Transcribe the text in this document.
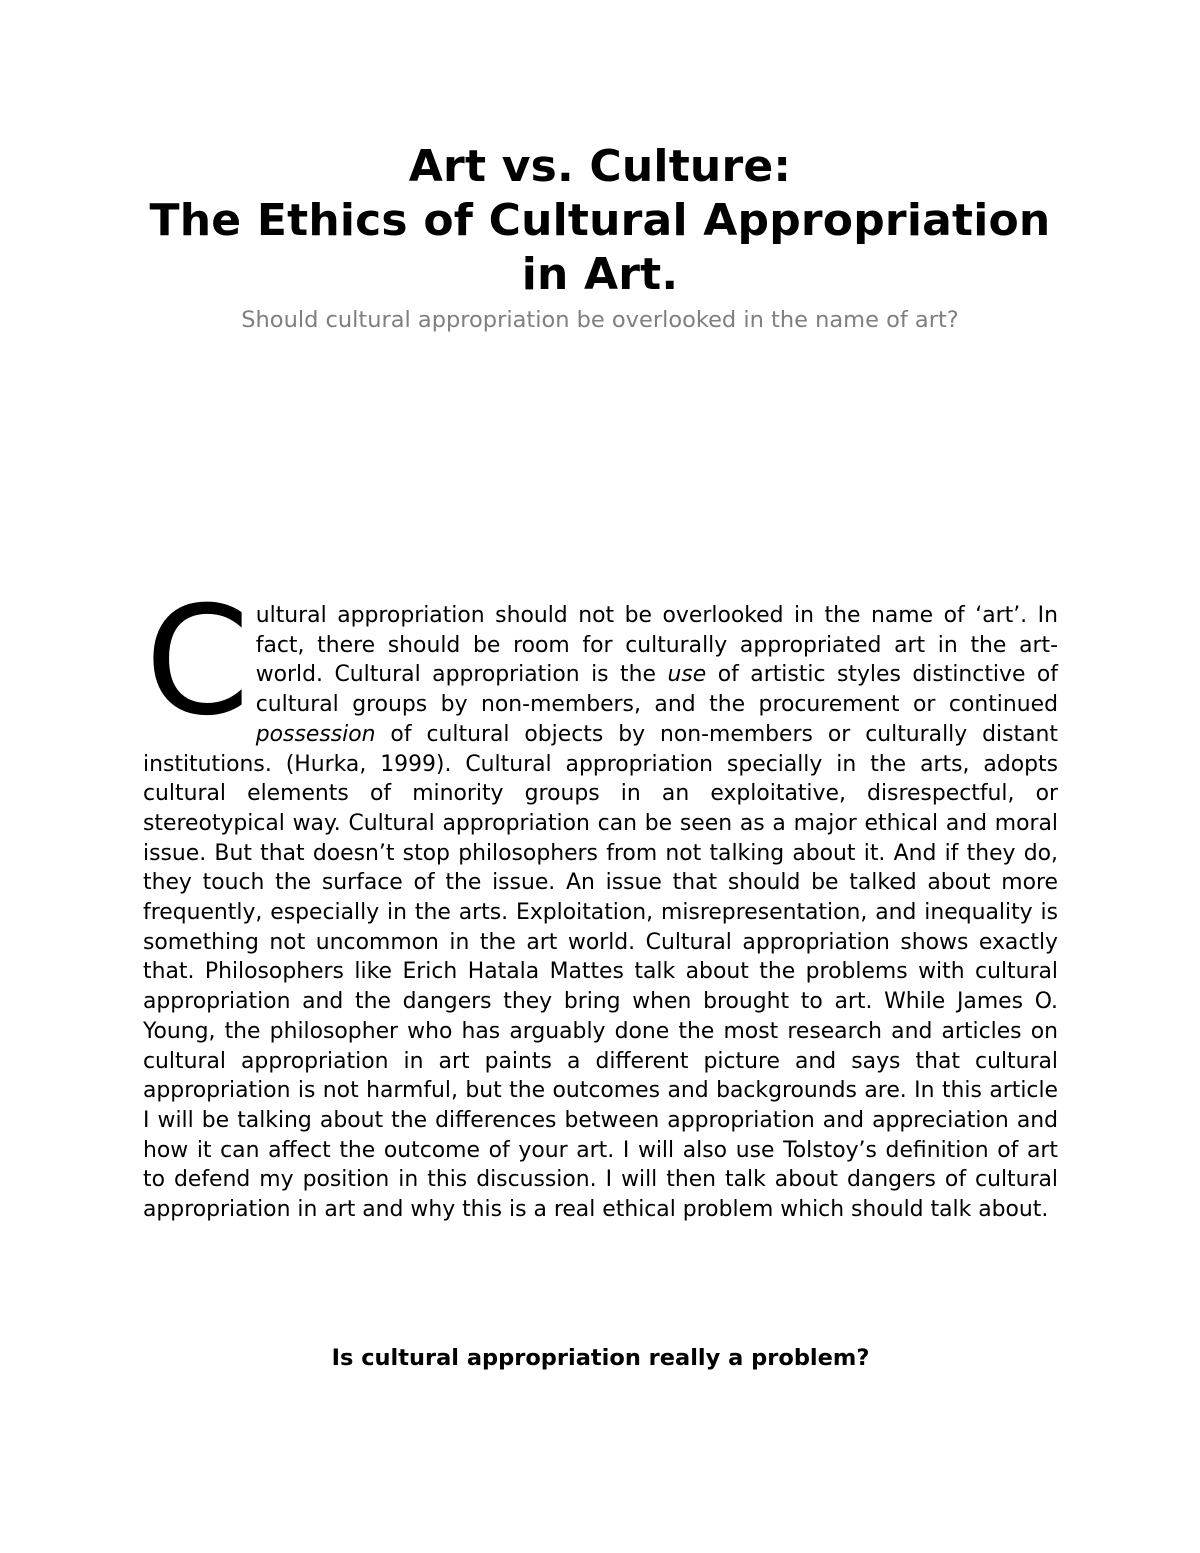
Art vs. Culture:
The Ethics of Cultural Appropriation
in Art.
Should cultural appropriation be overlooked in the name of art?

Cultural appropriation should not be overlooked in the name of ‘art’. In fact, there should be room for culturally appropriated art in the art-world. Cultural appropriation is the use of artistic styles distinctive of cultural groups by non-members, and the procurement or continued possession of cultural objects by non-members or culturally distant institutions. (Hurka, 1999). Cultural appropriation specially in the arts, adopts cultural elements of minority groups in an exploitative, disrespectful, or stereotypical way. Cultural appropriation can be seen as a major ethical and moral issue. But that doesn’t stop philosophers from not talking about it. And if they do, they touch the surface of the issue. An issue that should be talked about more frequently, especially in the arts. Exploitation, misrepresentation, and inequality is something not uncommon in the art world. Cultural appropriation shows exactly that. Philosophers like Erich Hatala Mattes talk about the problems with cultural appropriation and the dangers they bring when brought to art. While James O. Young, the philosopher who has arguably done the most research and articles on cultural appropriation in art paints a different picture and says that cultural appropriation is not harmful, but the outcomes and backgrounds are. In this article I will be talking about the differences between appropriation and appreciation and how it can affect the outcome of your art. I will also use Tolstoy’s definition of art to defend my position in this discussion. I will then talk about dangers of cultural appropriation in art and why this is a real ethical problem which should talk about.

Is cultural appropriation really a problem?
